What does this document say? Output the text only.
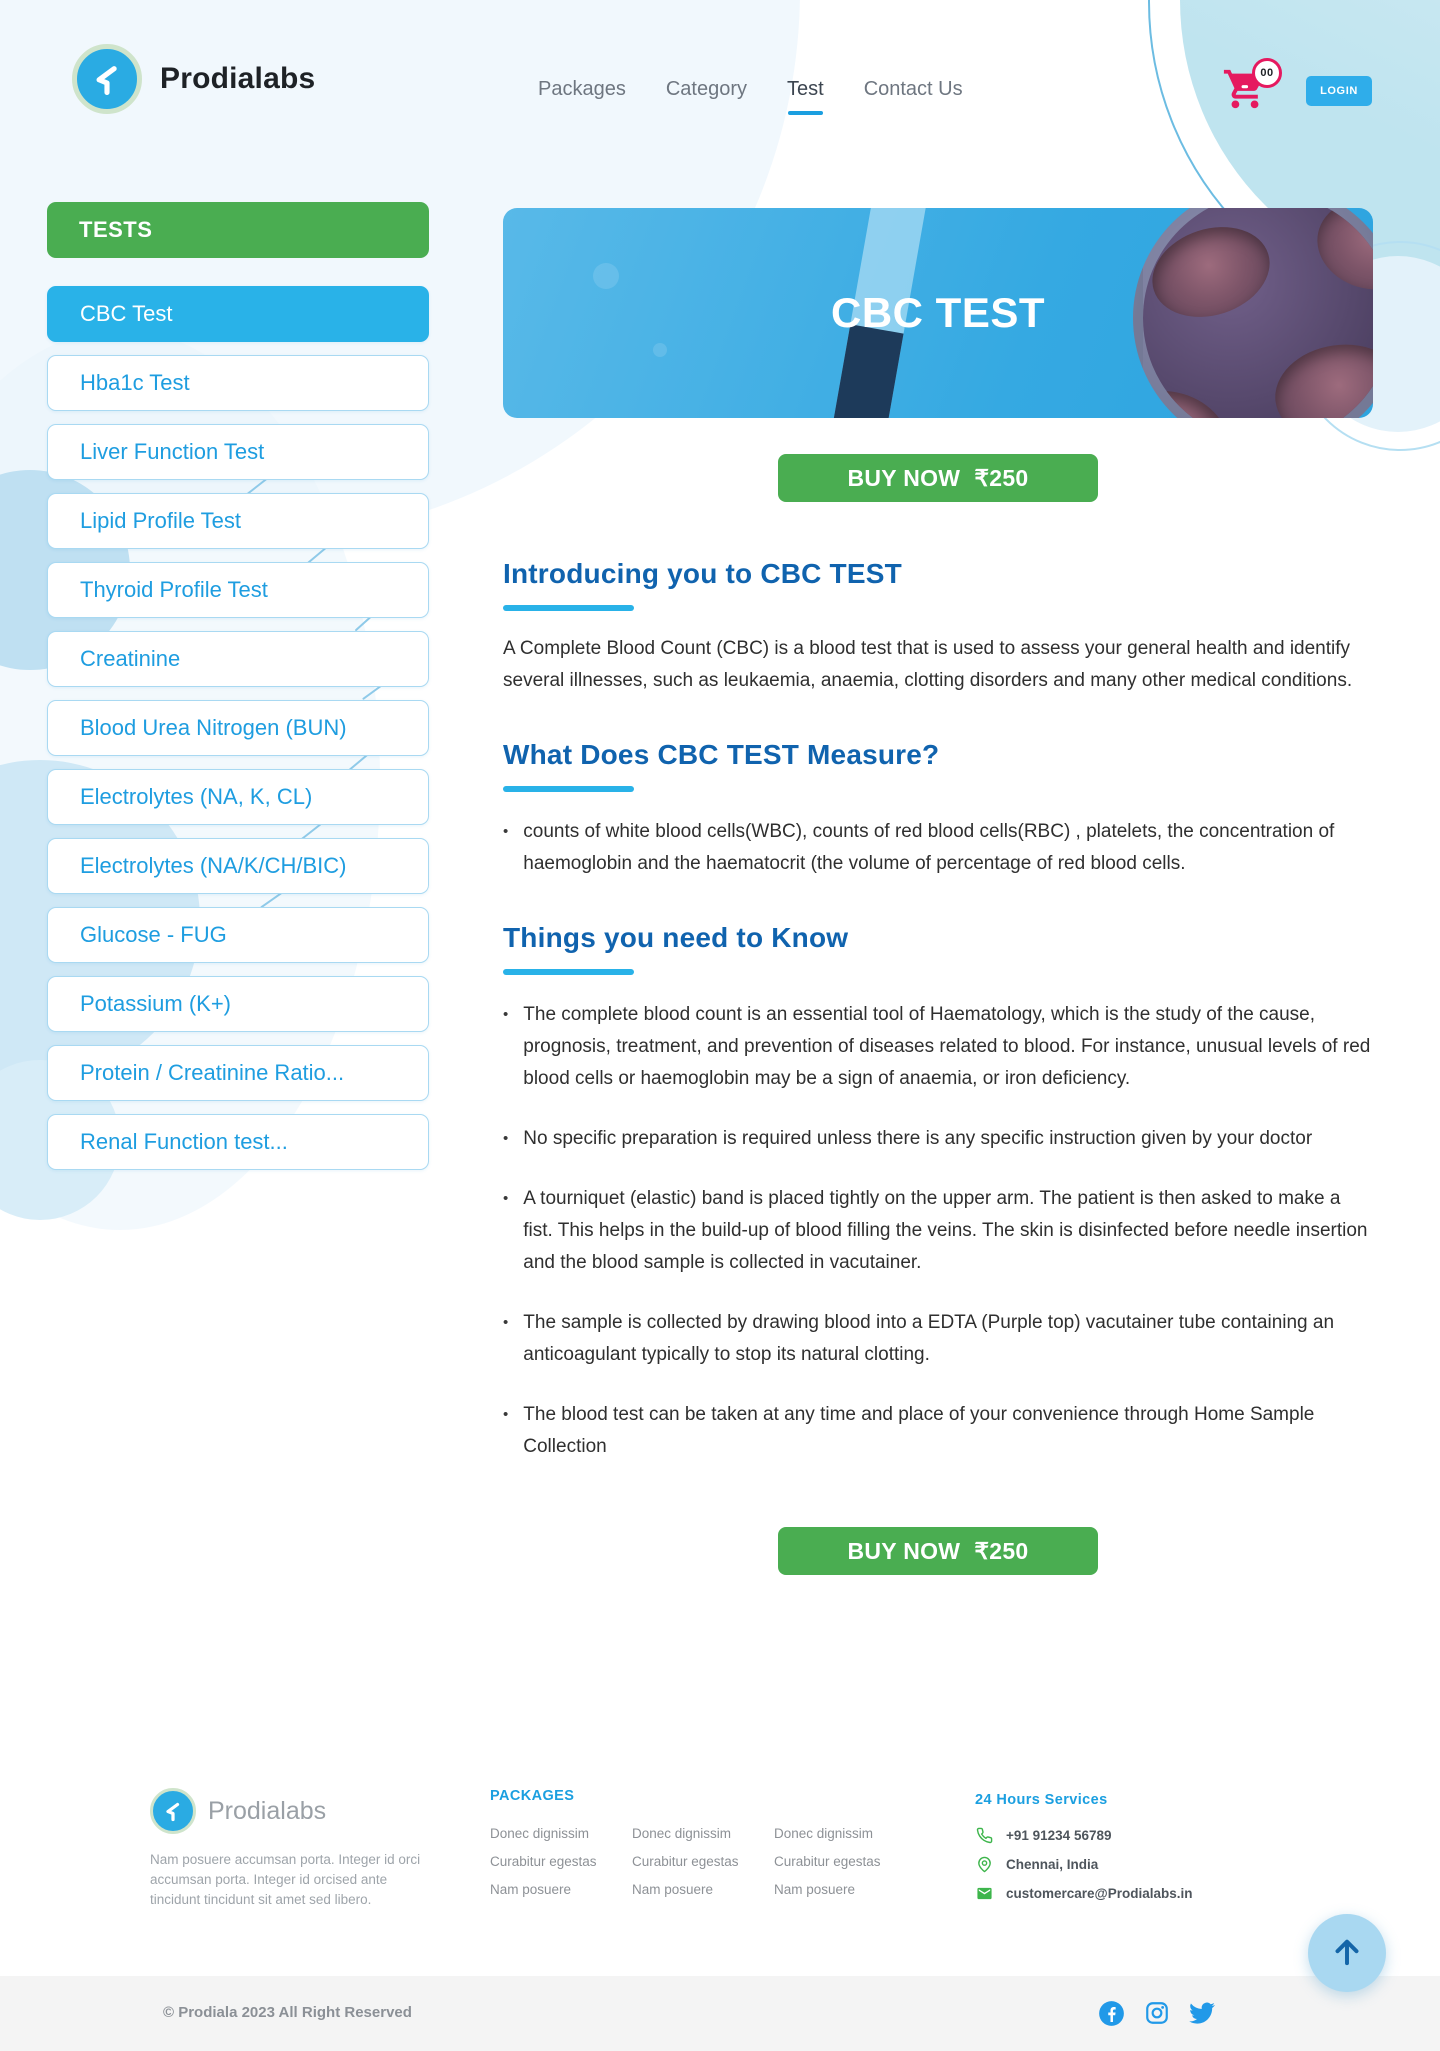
Prodialabs	Packages Category Test Contact Us
00
LOGIN
TESTS
CBC Test
Hba1c Test
Liver Function Test
Lipid Profile Test
Thyroid Profile Test
Creatinine
Blood Urea Nitrogen (BUN)
Electrolytes (NA, K, CL)
Electrolytes (NA/K/CH/BIC)
Glucose - FUG
Potassium (K+)
Protein / Creatinine Ratio...
Renal Function test...
CBC TEST
BUY NOW ₹250
Introducing you to CBC TEST

A Complete Blood Count (CBC) is a blood test that is used to assess your general health and identify several illnesses, such as leukaemia, anaemia, clotting disorders and many other medical conditions.

What Does CBC TEST Measure?
•
counts of white blood cells(WBC), counts of red blood cells(RBC) , platelets, the concentration of haemoglobin and the haematocrit (the volume of percentage of red blood cells.
Things you need to Know
•
The complete blood count is an essential tool of Haematology, which is the study of the cause, prognosis, treatment, and prevention of diseases related to blood. For instance, unusual levels of red blood cells or haemoglobin may be a sign of anaemia, or iron deficiency.
•
No specific preparation is required unless there is any specific instruction given by your doctor
•
A tourniquet (elastic) band is placed tightly on the upper arm. The patient is then asked to make a fist. This helps in the build-up of blood filling the veins. The skin is disinfected before needle insertion and the blood sample is collected in vacutainer.
•
The sample is collected by drawing blood into a EDTA (Purple top) vacutainer tube containing an anticoagulant typically to stop its natural clotting.
•
The blood test can be taken at any time and place of your convenience through Home Sample Collection
BUY NOW ₹250
Prodialabs

Nam posuere accumsan porta. Integer id orci accumsan porta. Integer id orcised ante tincidunt tincidunt sit amet sed libero.

PACKAGES
Donec dignissim
Curabitur egestas
Nam posuere
Donec dignissim
Curabitur egestas
Nam posuere
Donec dignissim
Curabitur egestas
Nam posuere
24 Hours Services
+91 91234 56789
Chennai, India
customercare@Prodialabs.in
© Prodiala 2023 All Right Reserved
